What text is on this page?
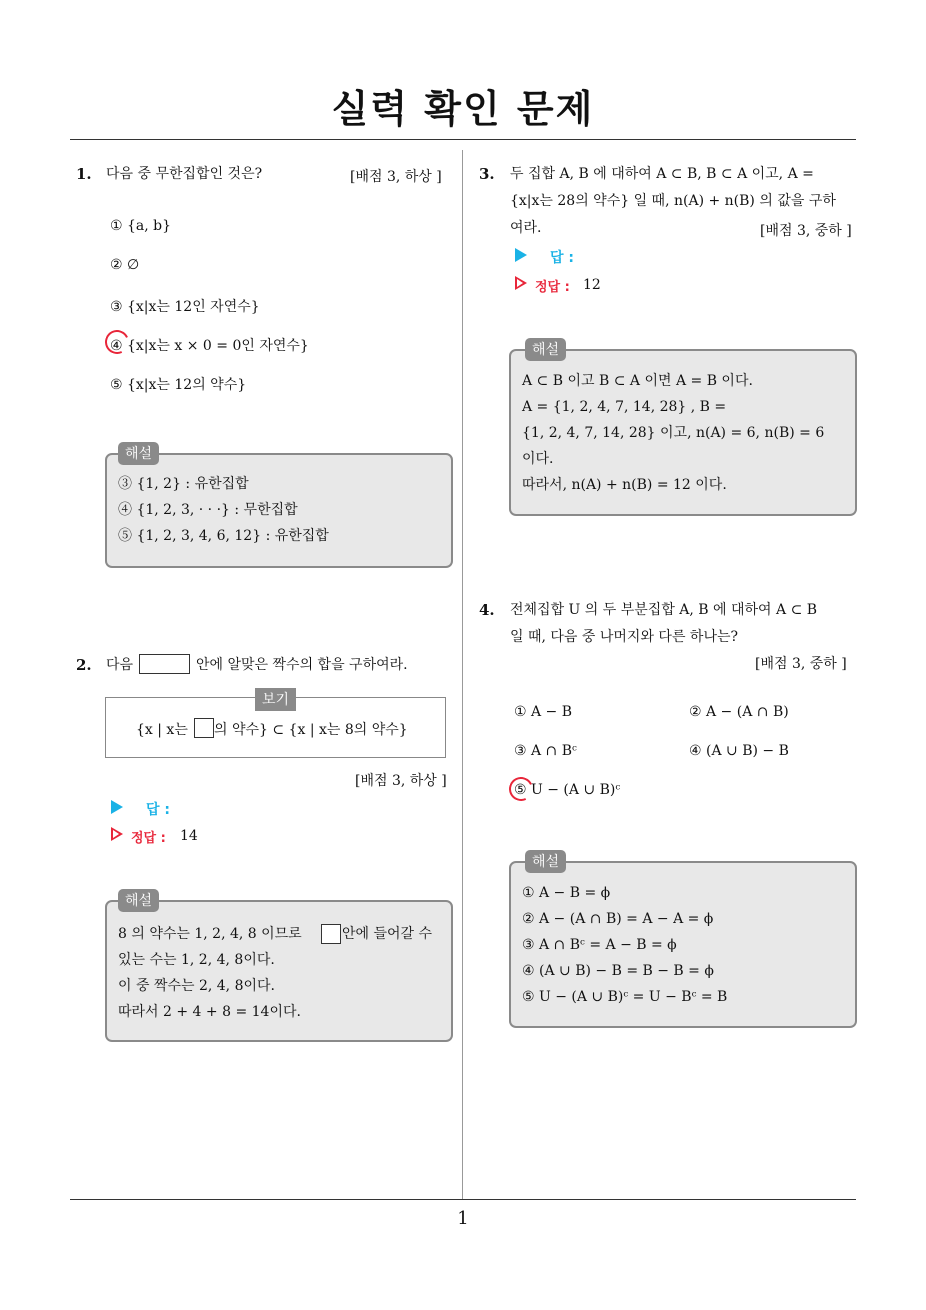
실력 확인 문제
1
1. 다음 중 무한집합인 것은?	[배점 3, 하상 ]
① {a, b}
② ∅
③ {x|x는 12인 자연수}
④ {x|x는 x × 0 = 0인 자연수}
⑤ {x|x는 12의 약수}
해설
③ {1, 2} : 유한집합
④ {1, 2, 3, · · ·} : 무한집합
⑤ {1, 2, 3, 4, 6, 12} : 유한집합
2. 다음	안에 알맞은 짝수의 합을 구하여라.
보기
{x | x는 의 약수} ⊂ {x | x는 8의 약수}
[배점 3, 하상 ]
답 :
정답 : 14
해설
8 의 약수는 1, 2, 4, 8 이므로	안에 들어갈 수
있는 수는 1, 2, 4, 8이다.
이 중 짝수는 2, 4, 8이다.
따라서 2 + 4 + 8 = 14이다.
3. 두 집합 A, B 에 대하여 A ⊂ B, B ⊂ A 이고, A =
{x|x는 28의 약수} 일 때, n(A) + n(B) 의 값을 구하
여라.	[배점 3, 중하 ]
답 :
정답 : 12
해설
A ⊂ B 이고 B ⊂ A 이면 A = B 이다.
A = {1, 2, 4, 7, 14, 28} , B =
{1, 2, 4, 7, 14, 28} 이고, n(A) = 6, n(B) = 6
이다.
따라서, n(A) + n(B) = 12 이다.
4. 전체집합 U 의 두 부분집합 A, B 에 대하여 A ⊂ B
일 때, 다음 중 나머지와 다른 하나는?
[배점 3, 중하 ]
① A − B	② A − (A ∩ B)
③ A ∩ Bᶜ	④ (A ∪ B) − B
⑤ U − (A ∪ B)ᶜ
해설
① A − B = ϕ
② A − (A ∩ B) = A − A = ϕ
③ A ∩ Bᶜ = A − B = ϕ
④ (A ∪ B) − B = B − B = ϕ
⑤ U − (A ∪ B)ᶜ = U − Bᶜ = B
